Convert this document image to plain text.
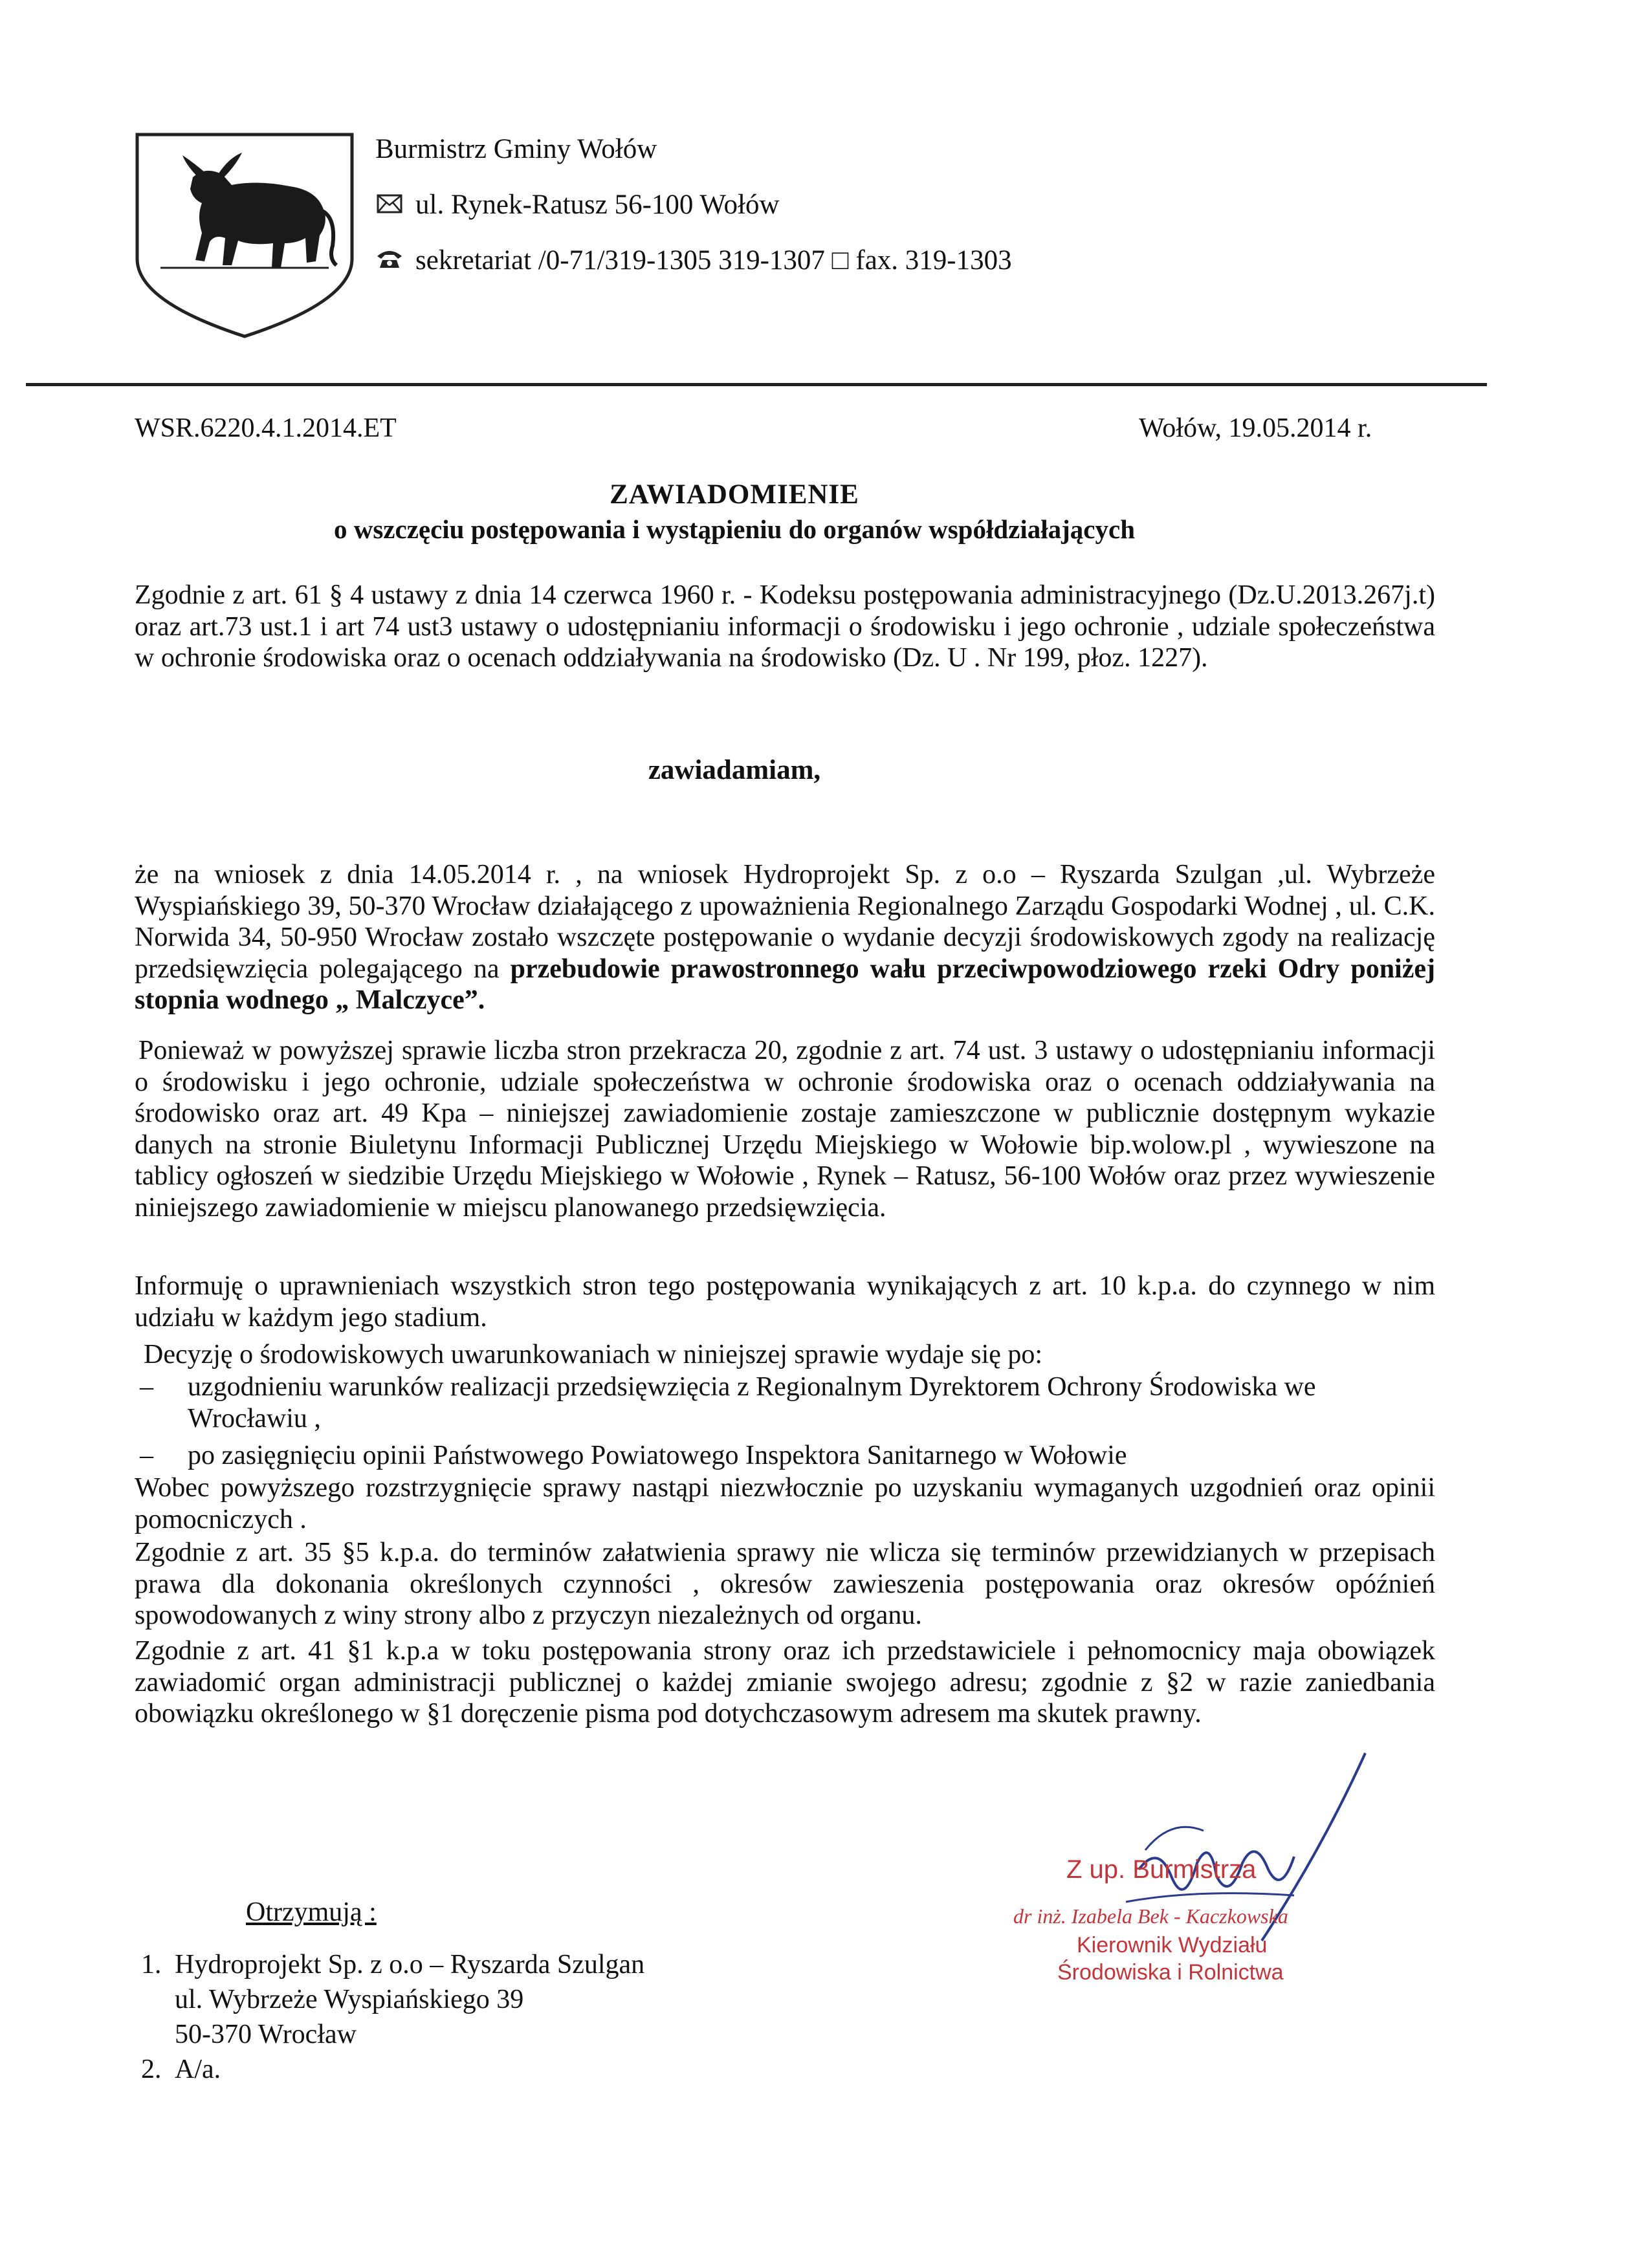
Burmistrz Gminy Wołów
ul. Rynek-Ratusz 56-100 Wołów
sekretariat /0-71/319-1305 319-1307 □ fax. 319-1303
WSR.6220.4.1.2014.ET	Wołów, 19.05.2014 r.
ZAWIADOMIENIE
o wszczęciu postępowania i wystąpieniu do organów współdziałających

Zgodnie z art. 61 § 4 ustawy z dnia 14 czerwca 1960 r. - Kodeksu postępowania administracyjnego (Dz.U.2013.267j.t) oraz art.73 ust.1 i art 74 ust3 ustawy o udostępnianiu informacji o środowisku i jego ochronie , udziale społeczeństwa w ochronie środowiska oraz o ocenach oddziaływania na środowisko (Dz. U . Nr 199, płoz. 1227).

zawiadamiam,

że na wniosek z dnia 14.05.2014 r. , na wniosek Hydroprojekt Sp. z o.o – Ryszarda Szulgan ,ul. Wybrzeże Wyspiańskiego 39, 50-370 Wrocław działającego z upoważnienia Regionalnego Zarządu Gospodarki Wodnej , ul. C.K. Norwida 34, 50-950 Wrocław zostało wszczęte postępowanie o wydanie decyzji środowiskowych zgody na realizację przedsięwzięcia polegającego na przebudowie prawostronnego wału przeciwpowodziowego rzeki Odry poniżej stopnia wodnego „ Malczyce”.

Ponieważ w powyższej sprawie liczba stron przekracza 20, zgodnie z art. 74 ust. 3 ustawy o udostępnianiu informacji o środowisku i jego ochronie, udziale społeczeństwa w ochronie środowiska oraz o ocenach oddziaływania na środowisko oraz art. 49 Kpa – niniejszej zawiadomienie zostaje zamieszczone w publicznie dostępnym wykazie danych na stronie Biuletynu Informacji Publicznej Urzędu Miejskiego w Wołowie bip.wolow.pl , wywieszone na tablicy ogłoszeń w siedzibie Urzędu Miejskiego w Wołowie , Rynek – Ratusz, 56-100 Wołów oraz przez wywieszenie niniejszego zawiadomienie w miejscu planowanego przedsięwzięcia.

Informuję o uprawnieniach wszystkich stron tego postępowania wynikających z art. 10 k.p.a. do czynnego w nim udziału w każdym jego stadium.

Decyzję o środowiskowych uwarunkowaniach w niniejszej sprawie wydaje się po:

– uzgodnieniu warunków realizacji przedsięwzięcia z Regionalnym Dyrektorem Ochrony Środowiska we Wrocławiu ,
– po zasięgnięciu opinii Państwowego Powiatowego Inspektora Sanitarnego w Wołowie

Wobec powyższego rozstrzygnięcie sprawy nastąpi niezwłocznie po uzyskaniu wymaganych uzgodnień oraz opinii pomocniczych .

Zgodnie z art. 35 §5 k.p.a. do terminów załatwienia sprawy nie wlicza się terminów przewidzianych w przepisach prawa dla dokonania określonych czynności , okresów zawieszenia postępowania oraz okresów opóźnień spowodowanych z winy strony albo z przyczyn niezależnych od organu.

Zgodnie z art. 41 §1 k.p.a w toku postępowania strony oraz ich przedstawiciele i pełnomocnicy maja obowiązek zawiadomić organ administracji publicznej o każdej zmianie swojego adresu; zgodnie z §2 w razie zaniedbania obowiązku określonego w §1 doręczenie pisma pod dotychczasowym adresem ma skutek prawny.

Z up. Burmistrza
dr inż. Izabela Bek - Kaczkowska
Kierownik Wydziału
Środowiska i Rolnictwa
Otrzymują :
1. Hydroprojekt Sp. z o.o – Ryszarda Szulgan
ul. Wybrzeże Wyspiańskiego 39
50-370 Wrocław
2. A/a.
